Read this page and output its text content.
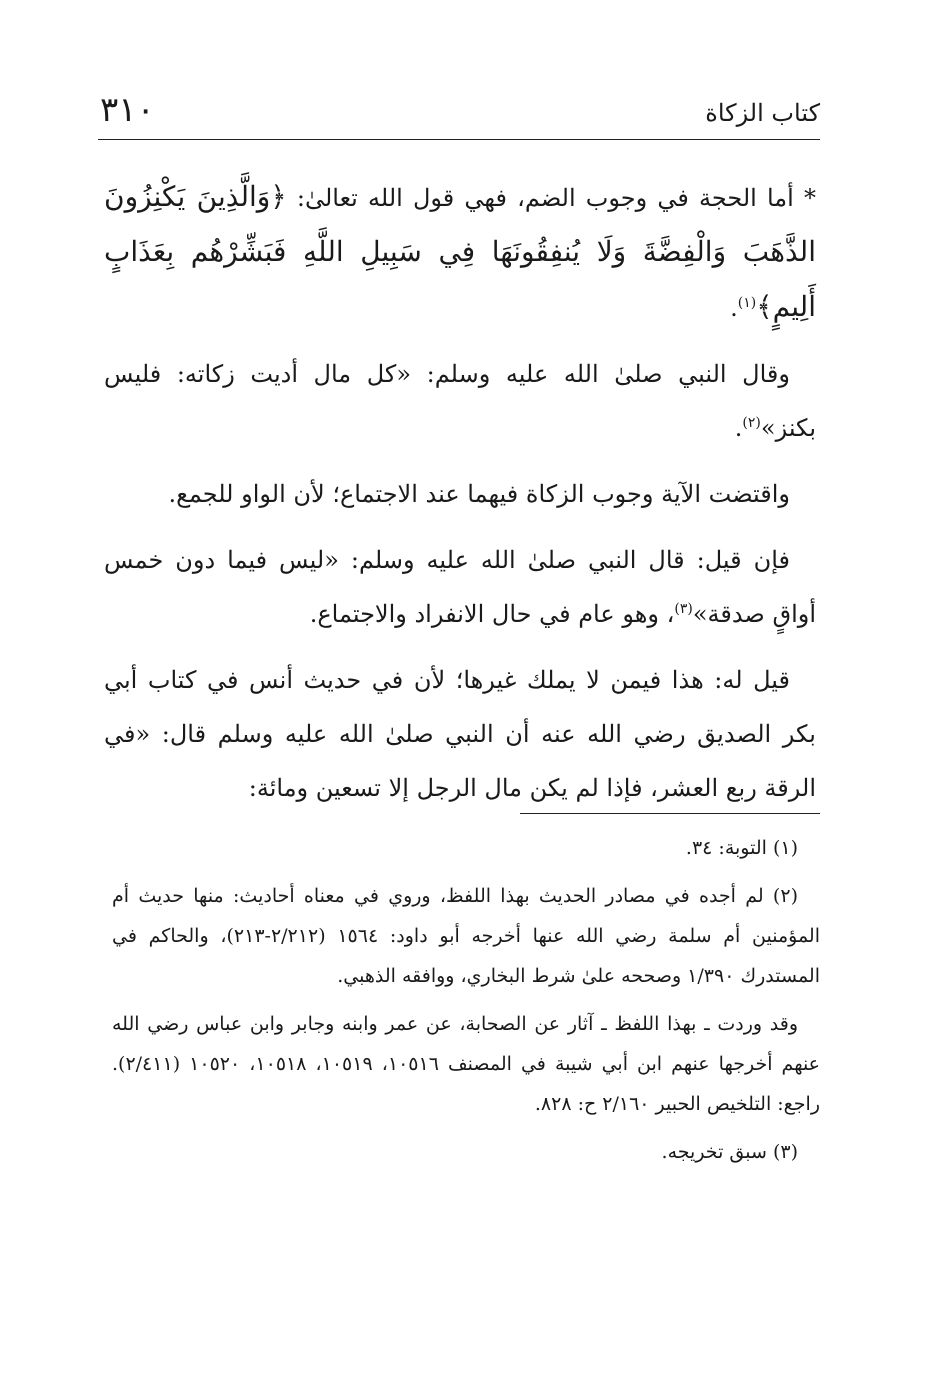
كتاب الزكاة
٣١٠

* أما الحجة في وجوب الضم، فهي قول الله تعالىٰ: ﴿وَالَّذِينَ يَكْنِزُونَ الذَّهَبَ وَالْفِضَّةَ وَلَا يُنفِقُونَهَا فِي سَبِيلِ اللَّهِ فَبَشِّرْهُم بِعَذَابٍ أَلِيمٍ﴾$^{(١)}$.

وقال النبي صلىٰ الله عليه وسلم: «كل مال أديت زكاته: فليس بكنز»$^{(٢)}$.

واقتضت الآية وجوب الزكاة فيهما عند الاجتماع؛ لأن الواو للجمع.

فإن قيل: قال النبي صلىٰ الله عليه وسلم: «ليس فيما دون خمس أواقٍ صدقة»$^{(٣)}$، وهو عام في حال الانفراد والاجتماع.

قيل له: هذا فيمن لا يملك غيرها؛ لأن في حديث أنس في كتاب أبي بكر الصديق رضي الله عنه أن النبي صلىٰ الله عليه وسلم قال: «في الرقة ربع العشر، فإذا لم يكن مال الرجل إلا تسعين ومائة:

(١) التوبة: ٣٤.

(٢) لم أجده في مصادر الحديث بهذا اللفظ، وروي في معناه أحاديث: منها حديث أم المؤمنين أم سلمة رضي الله عنها أخرجه أبو داود: ١٥٦٤ (٢/٢١٢-٢١٣)، والحاكم في المستدرك ١/٣٩٠ وصححه علىٰ شرط البخاري، ووافقه الذهبي.

وقد وردت ـ بهذا اللفظ ـ آثار عن الصحابة، عن عمر وابنه وجابر وابن عباس رضي الله عنهم أخرجها عنهم ابن أبي شيبة في المصنف ١٠٥١٦، ١٠٥١٩، ١٠٥١٨، ١٠٥٢٠ (٢/٤١١). راجع: التلخيص الحبير ٢/١٦٠ ح: ٨٢٨.

(٣) سبق تخريجه.
